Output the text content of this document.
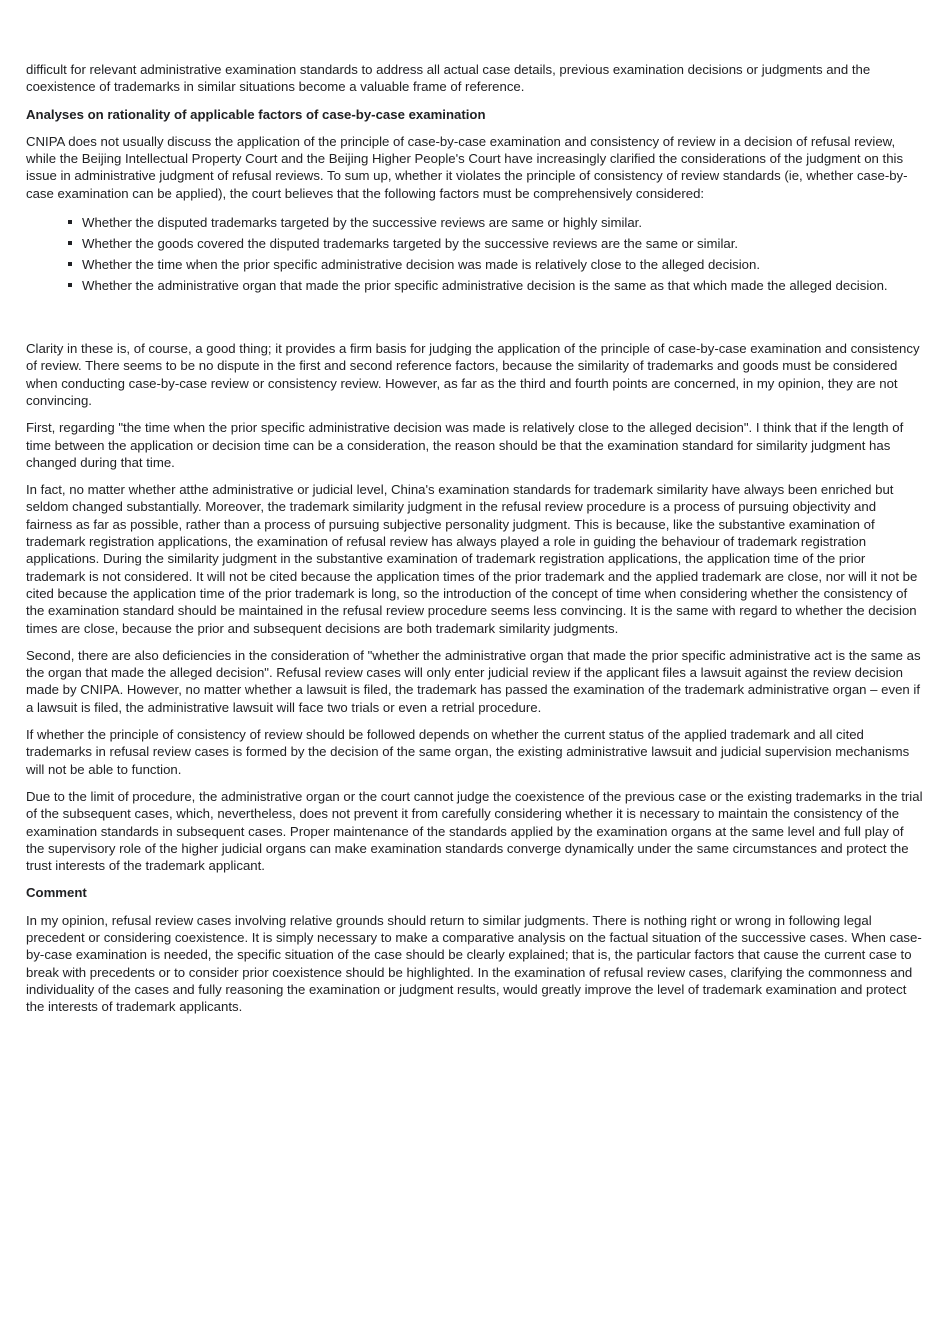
difficult for relevant administrative examination standards to address all actual case details, previous examination decisions or judgments and the coexistence of trademarks in similar situations become a valuable frame of reference.

Analyses on rationality of applicable factors of case-by-case examination

CNIPA does not usually discuss the application of the principle of case-by-case examination and consistency of review in a decision of refusal review, while the Beijing Intellectual Property Court and the Beijing Higher People's Court have increasingly clarified the considerations of the judgment on this issue in administrative judgment of refusal reviews. To sum up, whether it violates the principle of consistency of review standards (ie, whether case-by-case examination can be applied), the court believes that the following factors must be comprehensively considered:

Whether the disputed trademarks targeted by the successive reviews are same or highly similar.
Whether the goods covered the disputed trademarks targeted by the successive reviews are the same or similar.
Whether the time when the prior specific administrative decision was made is relatively close to the alleged decision.
Whether the administrative organ that made the prior specific administrative decision is the same as that which made the alleged decision.

Clarity in these is, of course, a good thing; it provides a firm basis for judging the application of the principle of case-by-case examination and consistency of review. There seems to be no dispute in the first and second reference factors, because the similarity of trademarks and goods must be considered when conducting case-by-case review or consistency review. However, as far as the third and fourth points are concerned, in my opinion, they are not convincing.

First, regarding "the time when the prior specific administrative decision was made is relatively close to the alleged decision". I think that if the length of time between the application or decision time can be a consideration, the reason should be that the examination standard for similarity judgment has changed during that time.

In fact, no matter whether atthe administrative or judicial level, China's examination standards for trademark similarity have always been enriched but seldom changed substantially. Moreover, the trademark similarity judgment in the refusal review procedure is a process of pursuing objectivity and fairness as far as possible, rather than a process of pursuing subjective personality judgment. This is because, like the substantive examination of trademark registration applications, the examination of refusal review has always played a role in guiding the behaviour of trademark registration applications. During the similarity judgment in the substantive examination of trademark registration applications, the application time of the prior trademark is not considered. It will not be cited because the application times of the prior trademark and the applied trademark are close, nor will it not be cited because the application time of the prior trademark is long, so the introduction of the concept of time when considering whether the consistency of the examination standard should be maintained in the refusal review procedure seems less convincing. It is the same with regard to whether the decision times are close, because the prior and subsequent decisions are both trademark similarity judgments.

Second, there are also deficiencies in the consideration of "whether the administrative organ that made the prior specific administrative act is the same as the organ that made the alleged decision". Refusal review cases will only enter judicial review if the applicant files a lawsuit against the review decision made by CNIPA. However, no matter whether a lawsuit is filed, the trademark has passed the examination of the trademark administrative organ – even if a lawsuit is filed, the administrative lawsuit will face two trials or even a retrial procedure.

If whether the principle of consistency of review should be followed depends on whether the current status of the applied trademark and all cited trademarks in refusal review cases is formed by the decision of the same organ, the existing administrative lawsuit and judicial supervision mechanisms will not be able to function.

Due to the limit of procedure, the administrative organ or the court cannot judge the coexistence of the previous case or the existing trademarks in the trial of the subsequent cases, which, nevertheless, does not prevent it from carefully considering whether it is necessary to maintain the consistency of the examination standards in subsequent cases. Proper maintenance of the standards applied by the examination organs at the same level and full play of the supervisory role of the higher judicial organs can make examination standards converge dynamically under the same circumstances and protect the trust interests of the trademark applicant.

Comment

In my opinion, refusal review cases involving relative grounds should return to similar judgments. There is nothing right or wrong in following legal precedent or considering coexistence. It is simply necessary to make a comparative analysis on the factual situation of the successive cases. When case-by-case examination is needed, the specific situation of the case should be clearly explained; that is, the particular factors that cause the current case to break with precedents or to consider prior coexistence should be highlighted. In the examination of refusal review cases, clarifying the commonness and individuality of the cases and fully reasoning the examination or judgment results, would greatly improve the level of trademark examination and protect the interests of trademark applicants.
